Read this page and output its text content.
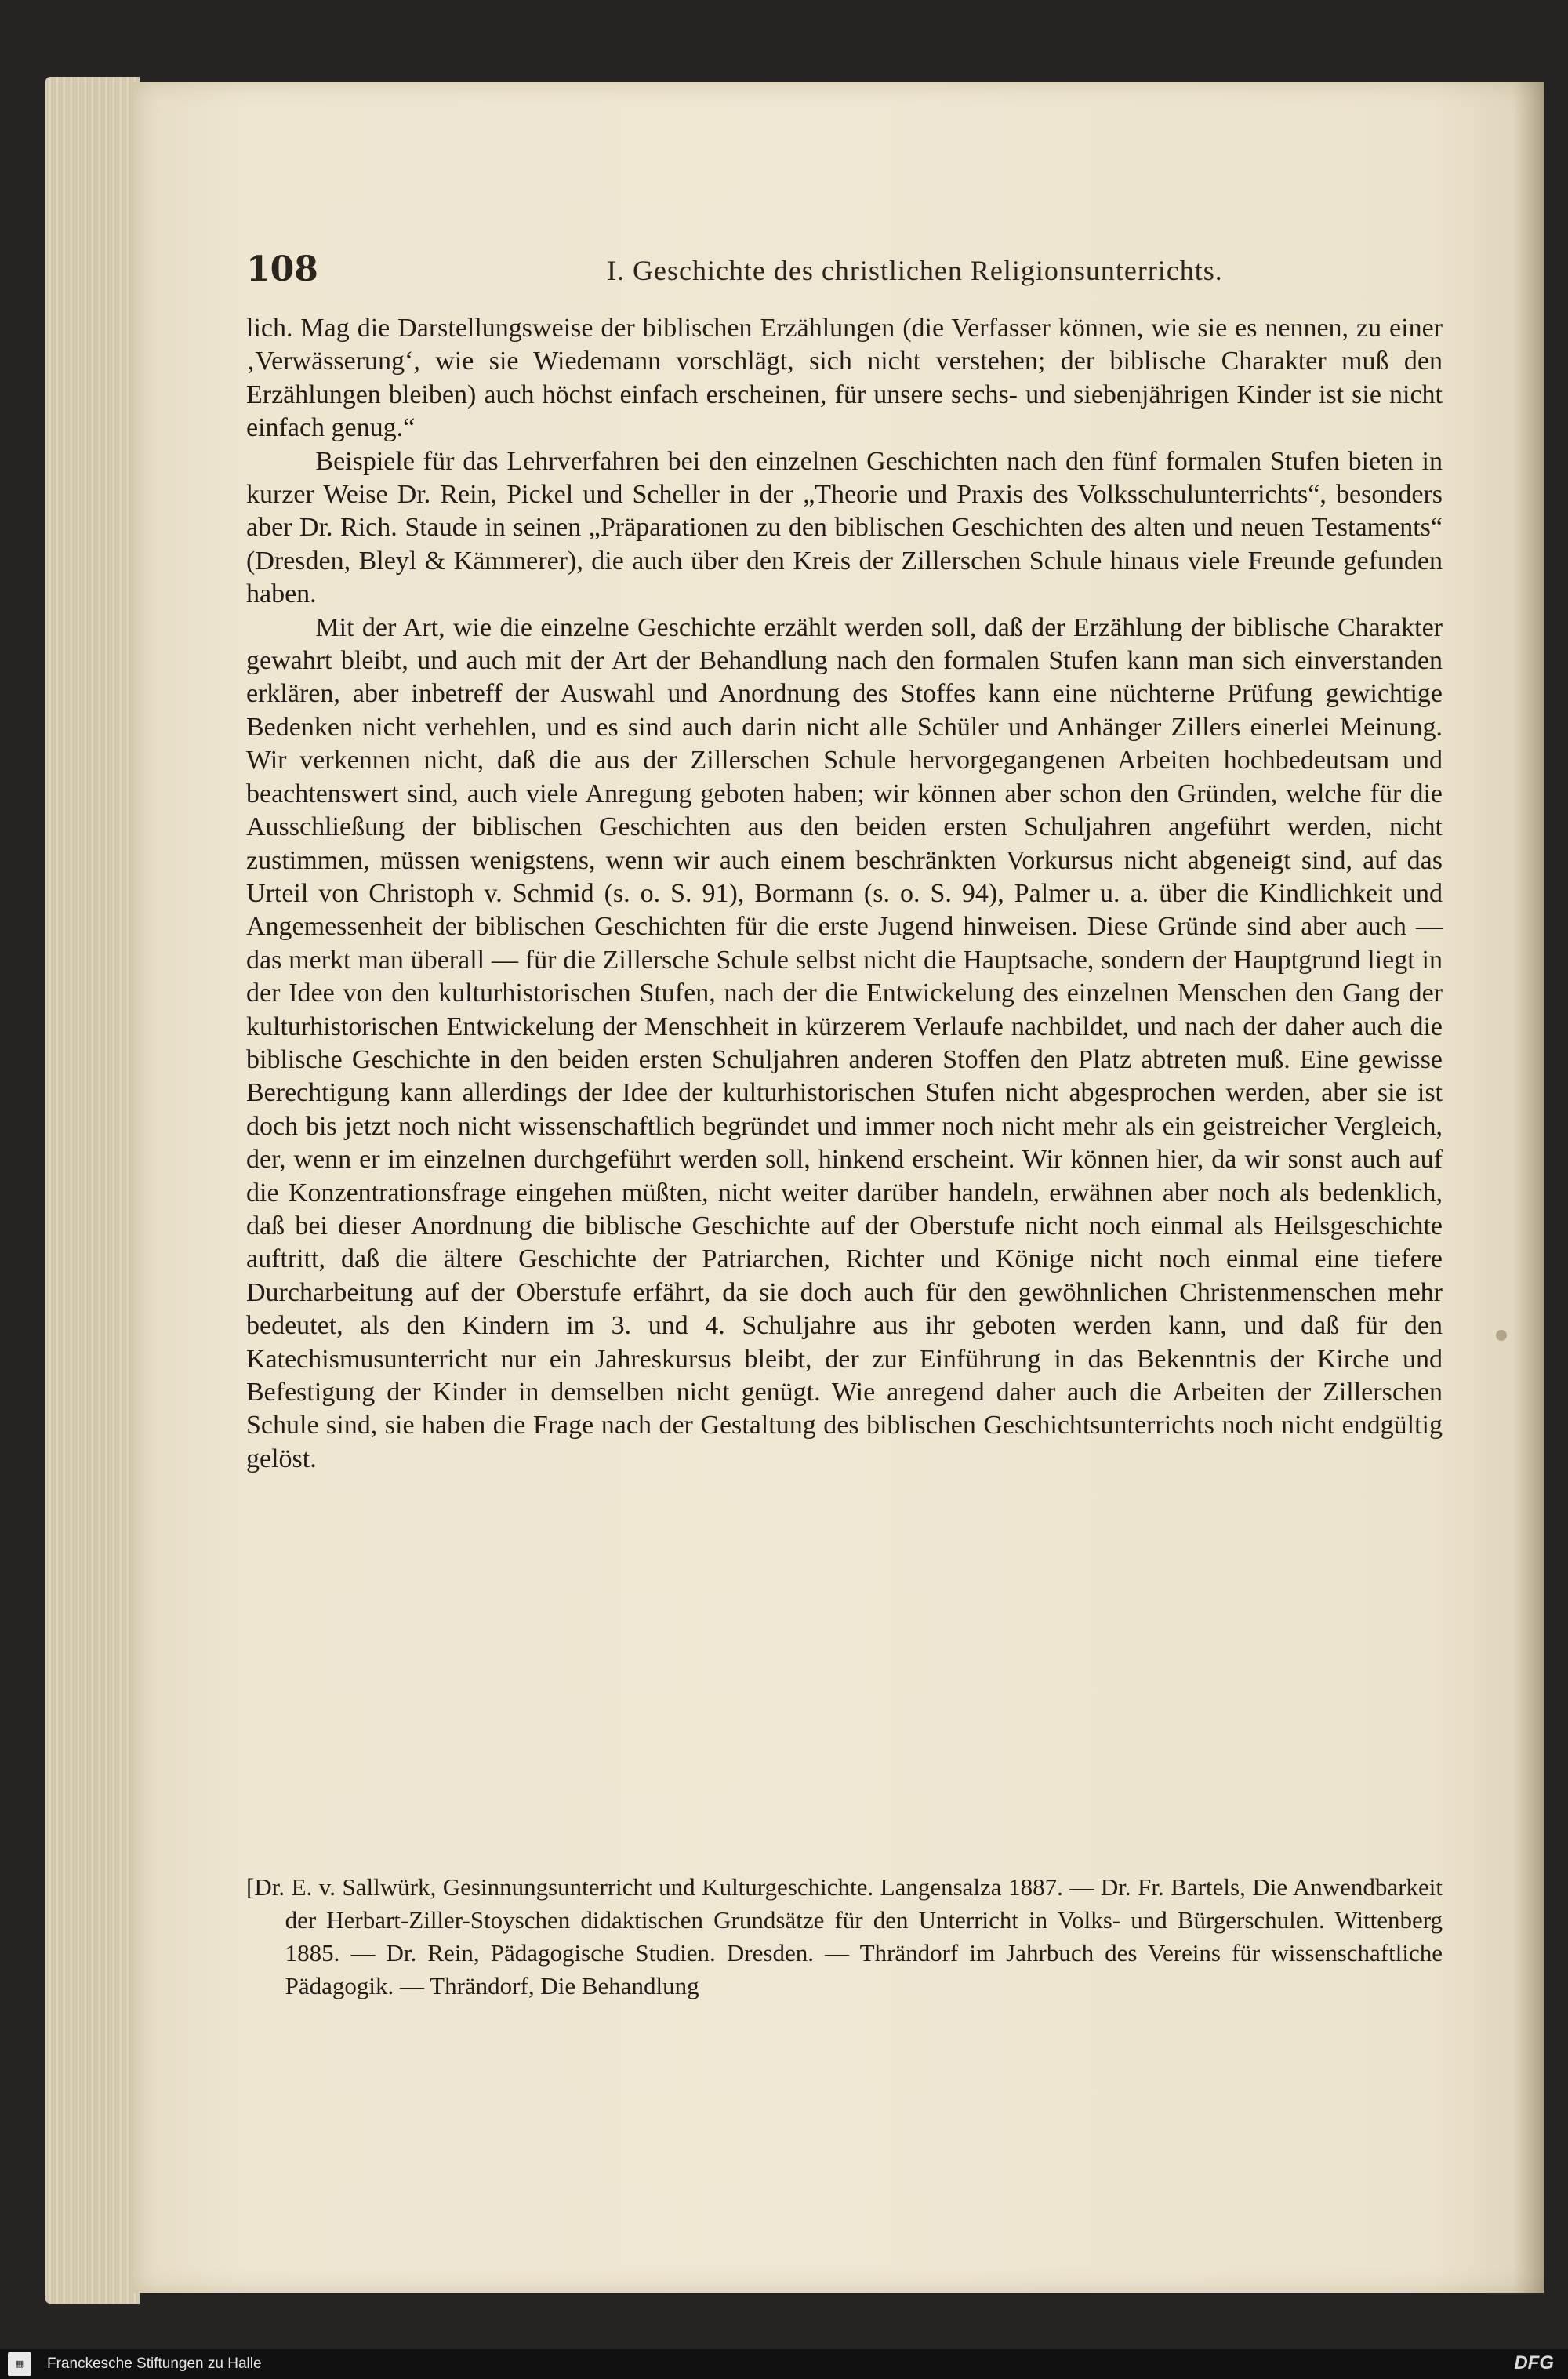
108	I. Geschichte des christlichen Religionsunterrichts.

lich. Mag die Darstellungsweise der biblischen Erzählungen (die Verfasser können, wie sie es nennen, zu einer ‚Verwässerung‘, wie sie Wiedemann vorschlägt, sich nicht verstehen; der biblische Charakter muß den Erzählungen bleiben) auch höchst einfach erscheinen, für unsere sechs- und siebenjährigen Kinder ist sie nicht einfach genug.“

Beispiele für das Lehrverfahren bei den einzelnen Geschichten nach den fünf formalen Stufen bieten in kurzer Weise Dr. Rein, Pickel und Scheller in der „Theorie und Praxis des Volksschulunterrichts“, besonders aber Dr. Rich. Staude in seinen „Präparationen zu den biblischen Geschichten des alten und neuen Testaments“ (Dresden, Bleyl & Kämmerer), die auch über den Kreis der Zillerschen Schule hinaus viele Freunde gefunden haben.

Mit der Art, wie die einzelne Geschichte erzählt werden soll, daß der Erzählung der biblische Charakter gewahrt bleibt, und auch mit der Art der Behandlung nach den formalen Stufen kann man sich einverstanden erklären, aber inbetreff der Auswahl und Anordnung des Stoffes kann eine nüchterne Prüfung gewichtige Bedenken nicht verhehlen, und es sind auch darin nicht alle Schüler und Anhänger Zillers einerlei Meinung. Wir verkennen nicht, daß die aus der Zillerschen Schule hervorgegangenen Arbeiten hochbedeutsam und beachtenswert sind, auch viele Anregung geboten haben; wir können aber schon den Gründen, welche für die Ausschließung der biblischen Geschichten aus den beiden ersten Schuljahren angeführt werden, nicht zustimmen, müssen wenigstens, wenn wir auch einem beschränkten Vorkursus nicht abgeneigt sind, auf das Urteil von Christoph v. Schmid (s. o. S. 91), Bormann (s. o. S. 94), Palmer u. a. über die Kindlichkeit und Angemessenheit der biblischen Geschichten für die erste Jugend hinweisen. Diese Gründe sind aber auch — das merkt man überall — für die Zillersche Schule selbst nicht die Hauptsache, sondern der Hauptgrund liegt in der Idee von den kulturhistorischen Stufen, nach der die Entwickelung des einzelnen Menschen den Gang der kulturhistorischen Entwickelung der Menschheit in kürzerem Verlaufe nachbildet, und nach der daher auch die biblische Geschichte in den beiden ersten Schuljahren anderen Stoffen den Platz abtreten muß. Eine gewisse Berechtigung kann allerdings der Idee der kulturhistorischen Stufen nicht abgesprochen werden, aber sie ist doch bis jetzt noch nicht wissenschaftlich begründet und immer noch nicht mehr als ein geistreicher Vergleich, der, wenn er im einzelnen durchgeführt werden soll, hinkend erscheint. Wir können hier, da wir sonst auch auf die Konzentrationsfrage eingehen müßten, nicht weiter darüber handeln, erwähnen aber noch als bedenklich, daß bei dieser Anordnung die biblische Geschichte auf der Oberstufe nicht noch einmal als Heilsgeschichte auftritt, daß die ältere Geschichte der Patriarchen, Richter und Könige nicht noch einmal eine tiefere Durcharbeitung auf der Oberstufe erfährt, da sie doch auch für den gewöhnlichen Christenmenschen mehr bedeutet, als den Kindern im 3. und 4. Schuljahre aus ihr geboten werden kann, und daß für den Katechismusunterricht nur ein Jahreskursus bleibt, der zur Einführung in das Bekenntnis der Kirche und Befestigung der Kinder in demselben nicht genügt. Wie anregend daher auch die Arbeiten der Zillerschen Schule sind, sie haben die Frage nach der Gestaltung des biblischen Geschichtsunterrichts noch nicht endgültig gelöst.

[Dr. E. v. Sallwürk, Gesinnungsunterricht und Kulturgeschichte. Langensalza 1887. — Dr. Fr. Bartels, Die Anwendbarkeit der Herbart-Ziller-Stoyschen didaktischen Grundsätze für den Unterricht in Volks- und Bürgerschulen. Wittenberg 1885. — Dr. Rein, Pädagogische Studien. Dresden. — Thrändorf im Jahrbuch des Vereins für wissenschaftliche Pädagogik. — Thrändorf, Die Behandlung

▦	Franckesche Stiftungen zu Halle	DFG
